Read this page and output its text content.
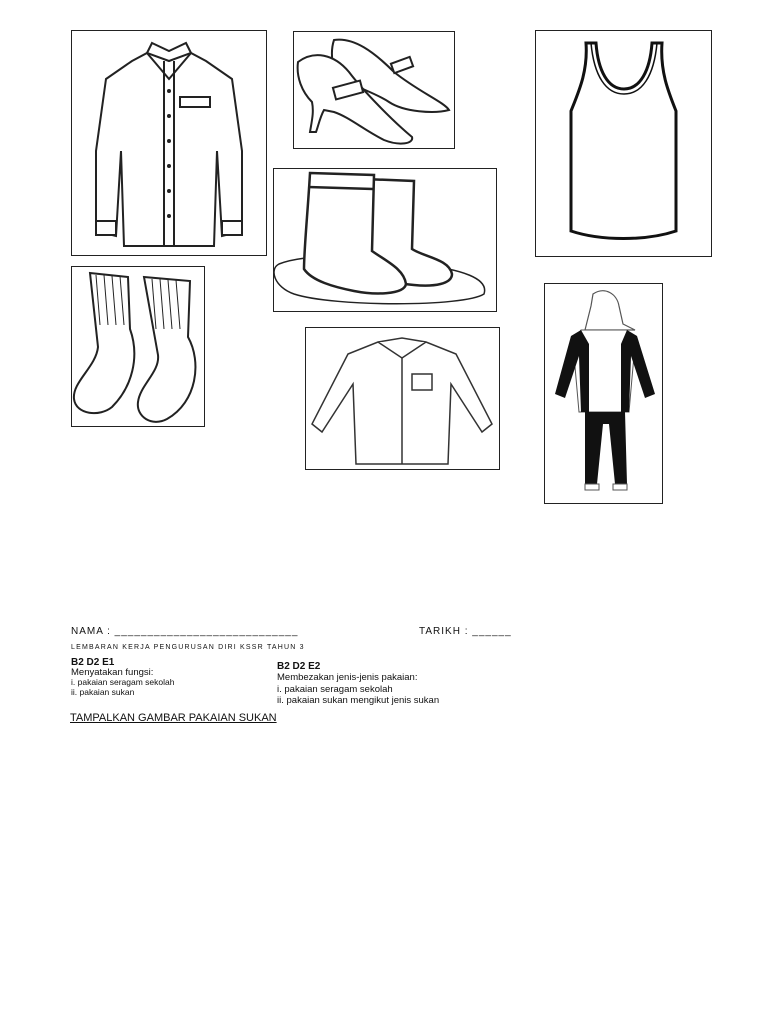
NAMA : ____________________________	TARIKH : ______
LEMBARAN KERJA PENGURUSAN DIRI KSSR TAHUN 3
B2 D2 E1
Menyatakan fungsi:
i. pakaian seragam sekolah
ii. pakaian sukan
B2 D2 E2
Membezakan jenis-jenis pakaian:
i. pakaian seragam sekolah
ii. pakaian sukan mengikut jenis sukan
TAMPALKAN GAMBAR PAKAIAN SUKAN
